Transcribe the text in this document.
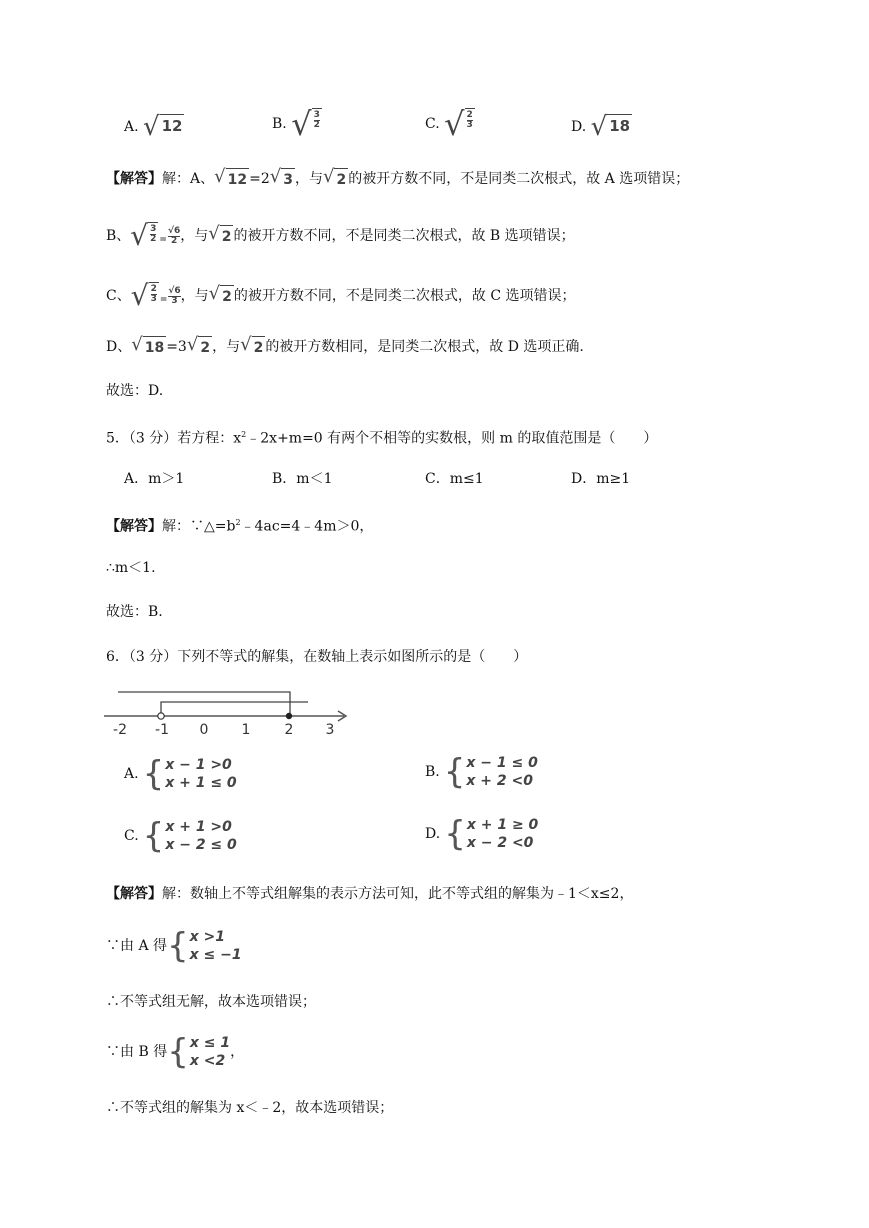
A. √ 12	B. √ $\frac{3}{2}$	C. √ $\frac{2}{3}$	D. √ 18
【解答】解：A、 √ 12 =2 √ 3 ，与 √ 2 的被开方数不同，不是同类二次根式，故 A 选项错误；
B、 √ $\frac{3}{2}$
= $\frac{√6}{2}$ ，与 √ 2 的被开方数不同，不是同类二次根式，故 B 选项错误；
C、 √ $\frac{2}{3}$
= $\frac{√6}{3}$ ，与 √ 2 的被开方数不同，不是同类二次根式，故 C 选项错误；
D、 √ 18 =3 √ 2 ，与 √ 2 的被开方数相同，是同类二次根式，故 D 选项正确.
故选：D.
5．（3 分）若方程：$x^2﹣2x+m=0$ 有两个不相等的实数根，则 m 的取值范围是（　　）
A．m＞1	B．m＜1	C．m≤1	D．m≥1
【解答】解：$\because\triangle=b^2﹣4ac=4﹣4m>0$，
∴m＜1.
故选：B.
6．（3 分）下列不等式的解集，在数轴上表示如图所示的是（　　）
-2 -1 0 1 2 3
A. { x − 1 >0
x + 1 ≤ 0
B. { x − 1 ≤ 0
x + 2 <0
C. { x + 1 >0
x − 2 ≤ 0
D. { x + 1 ≥ 0
x − 2 <0
【解答】解：数轴上不等式组解集的表示方法可知，此不等式组的解集为﹣1＜x≤2，
∵由 A 得 { x >1
x ≤ −1
∴不等式组无解，故本选项错误；
∵由 B 得 { x ≤ 1
x <2
，
∴不等式组的解集为 x＜﹣2，故本选项错误；
